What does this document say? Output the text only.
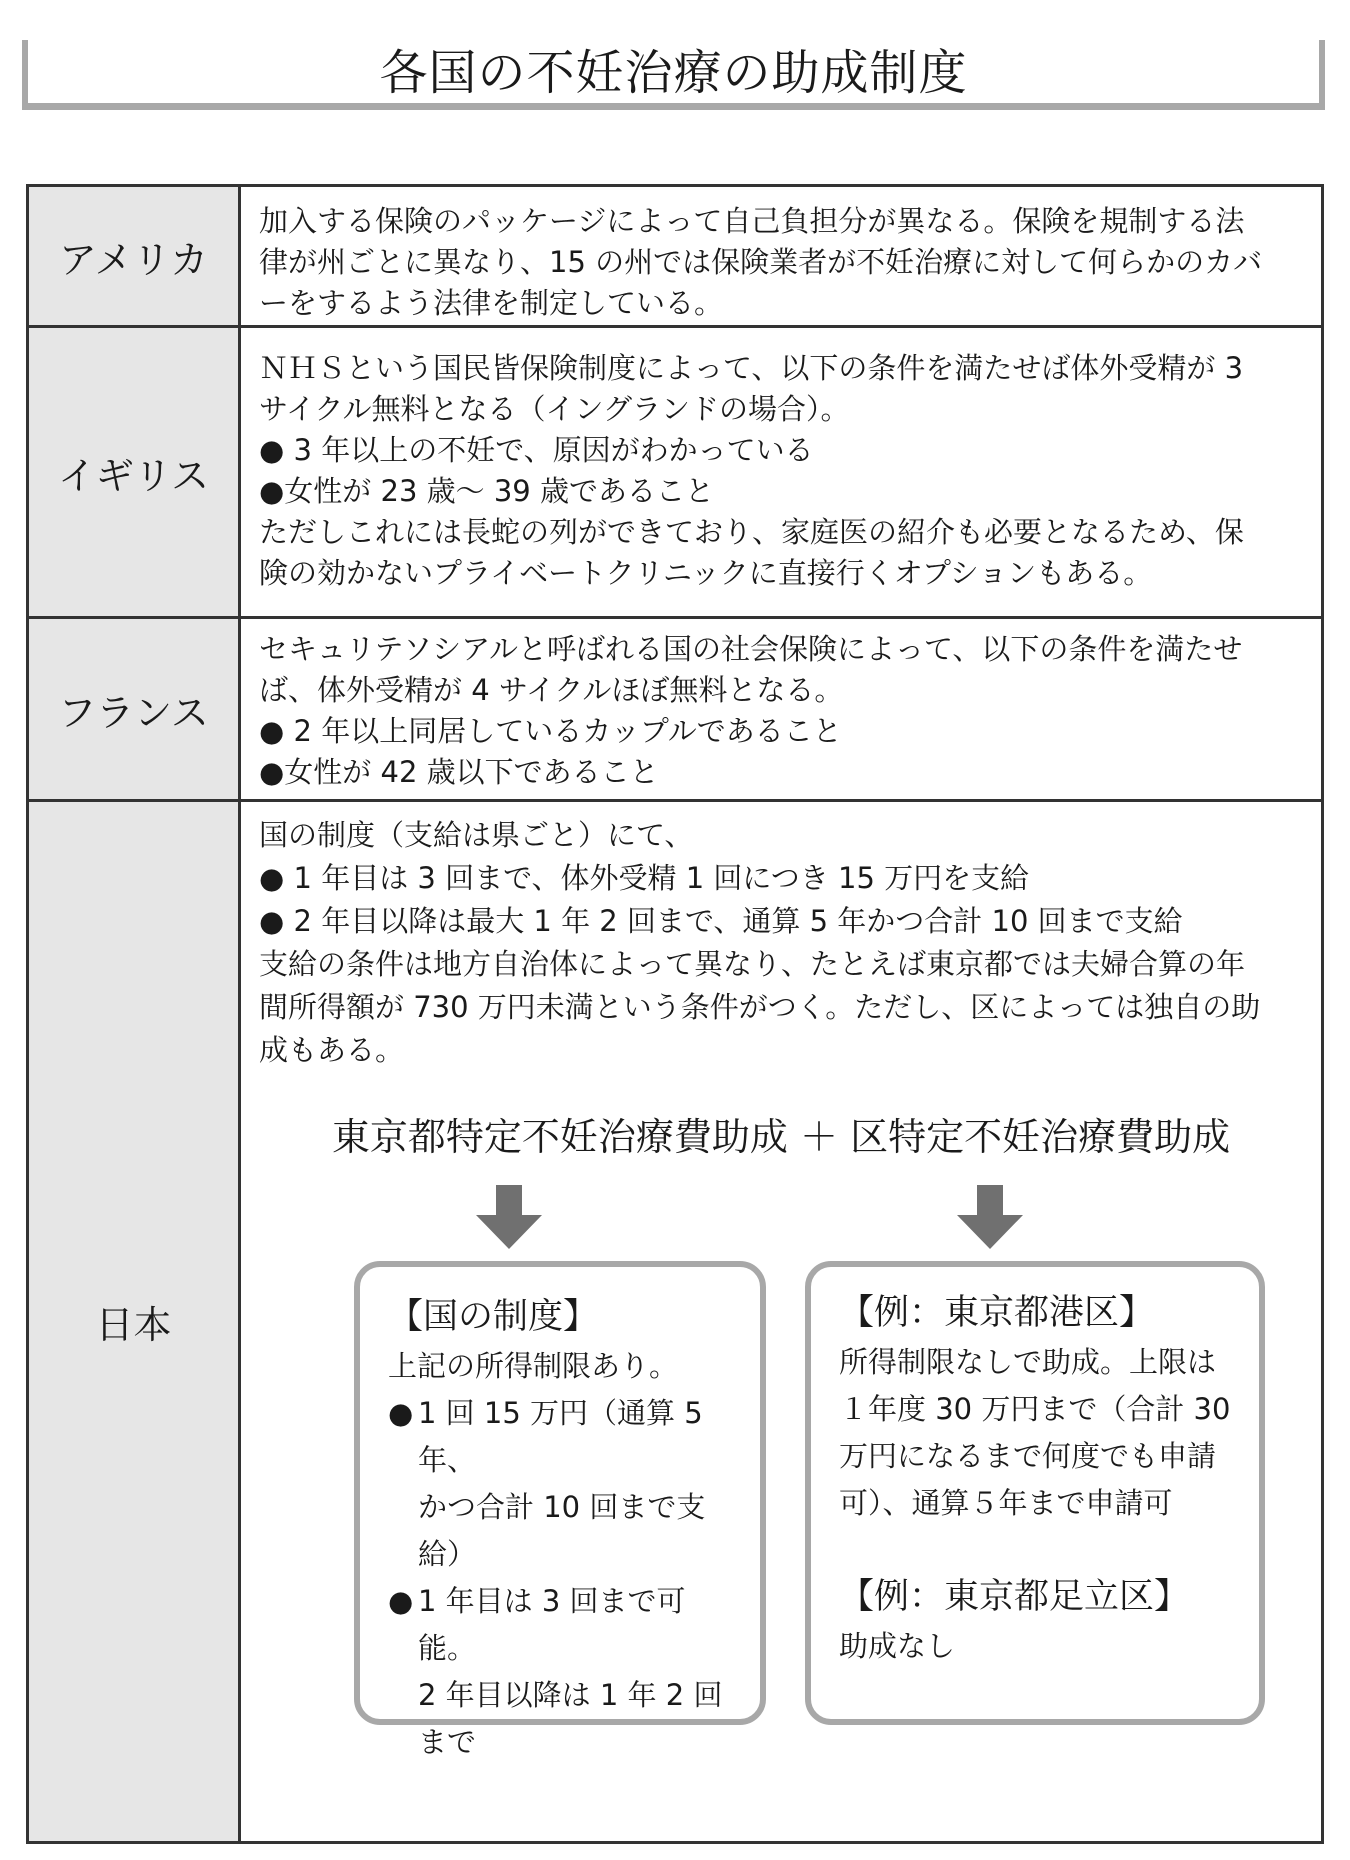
各国の不妊治療の助成制度
アメリカ

加入する保険のパッケージによって自己負担分が異なる。保険を規制する法

律が州ごとに異なり、15 の州では保険業者が不妊治療に対して何らかのカバ

ーをするよう法律を制定している。

イギリス

ＮＨＳという国民皆保険制度によって、以下の条件を満たせば体外受精が 3

サイクル無料となる（イングランドの場合）。

● 3 年以上の不妊で、原因がわかっている

●女性が 23 歳～ 39 歳であること

ただしこれには長蛇の列ができており、家庭医の紹介も必要となるため、保

険の効かないプライベートクリニックに直接行くオプションもある。

フランス

セキュリテソシアルと呼ばれる国の社会保険によって、以下の条件を満たせ

ば、体外受精が 4 サイクルほぼ無料となる。

● 2 年以上同居しているカップルであること

●女性が 42 歳以下であること

日本

国の制度（支給は県ごと）にて、

● 1 年目は 3 回まで、体外受精 1 回につき 15 万円を支給

● 2 年目以降は最大 1 年 2 回まで、通算 5 年かつ合計 10 回まで支給

支給の条件は地方自治体によって異なり、たとえば東京都では夫婦合算の年

間所得額が 730 万円未満という条件がつく。ただし、区によっては独自の助

成もある。

東京都特定不妊治療費助成 ＋ 区特定不妊治療費助成

【国の制度】

上記の所得制限あり。

● 1 回 15 万円（通算 5 年、

かつ合計 10 回まで支

給）

● 1 年目は 3 回まで可能。

2 年目以降は 1 年 2 回

まで

【例：東京都港区】

所得制限なしで助成。上限は

１年度 30 万円まで（合計 30

万円になるまで何度でも申請

可）、通算５年まで申請可

【例：東京都足立区】

助成なし
